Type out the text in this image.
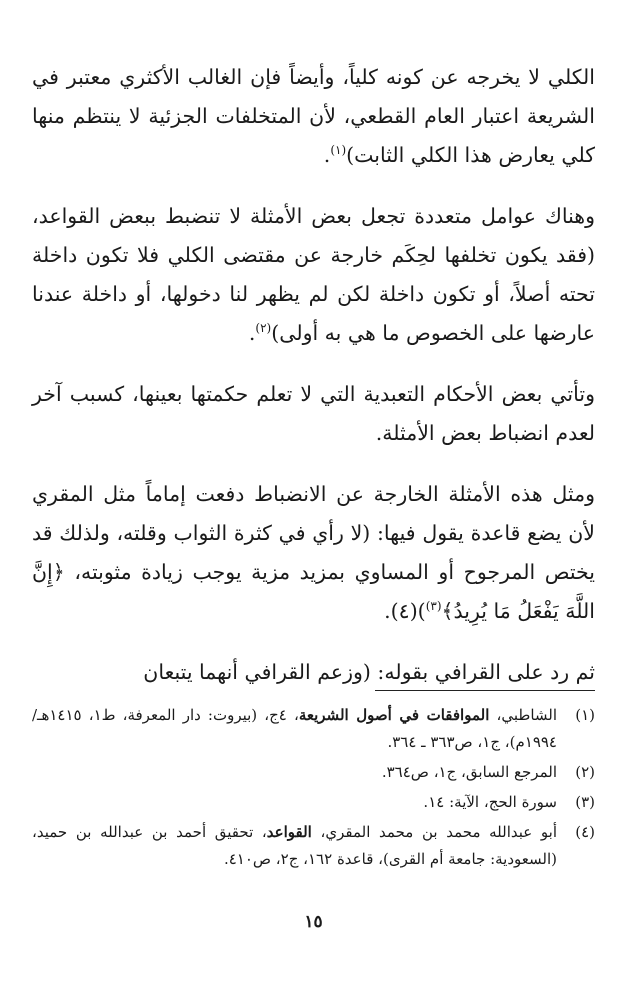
الكلي لا يخرجه عن كونه كلياً، وأيضاً فإن الغالب الأكثري معتبر في الشريعة اعتبار العام القطعي، لأن المتخلفات الجزئية لا ينتظم منها كلي يعارض هذا الكلي الثابت)$^{(١)}$.

وهناك عوامل متعددة تجعل بعض الأمثلة لا تنضبط ببعض القواعد، (فقد يكون تخلفها لحِكَم خارجة عن مقتضى الكلي فلا تكون داخلة تحته أصلاً، أو تكون داخلة لكن لم يظهر لنا دخولها، أو داخلة عندنا عارضها على الخصوص ما هي به أولى)$^{(٢)}$.

وتأتي بعض الأحكام التعبدية التي لا تعلم حكمتها بعينها، كسبب آخر لعدم انضباط بعض الأمثلة.

ومثل هذه الأمثلة الخارجة عن الانضباط دفعت إماماً مثل المقري لأن يضع قاعدة يقول فيها: (لا رأي في كثرة الثواب وقلته، ولذلك قد يختص المرجوح أو المساوي بمزيد مزية يوجب زيادة مثوبته، ﴿إِنَّ اللَّهَ يَفْعَلُ مَا يُرِيدُ﴾$^{(٣)}$)(٤).

ثم رد على القرافي بقوله: (وزعم القرافي أنهما يتبعان

(١)
الشاطبي، الموافقات في أصول الشريعة، ٤ج، (بيروت: دار المعرفة، ط١، ١٤١٥هـ/١٩٩٤م)، ج١، ص٣٦٣ ـ ٣٦٤.
(٢)
المرجع السابق، ج١، ص٣٦٤.
(٣)
سورة الحج، الآية: ١٤.
(٤)
أبو عبدالله محمد بن محمد المقري، القواعد، تحقيق أحمد بن عبدالله بن حميد، (السعودية: جامعة أم القرى)، قاعدة ١٦٢، ج٢، ص٤١٠.
١٥
